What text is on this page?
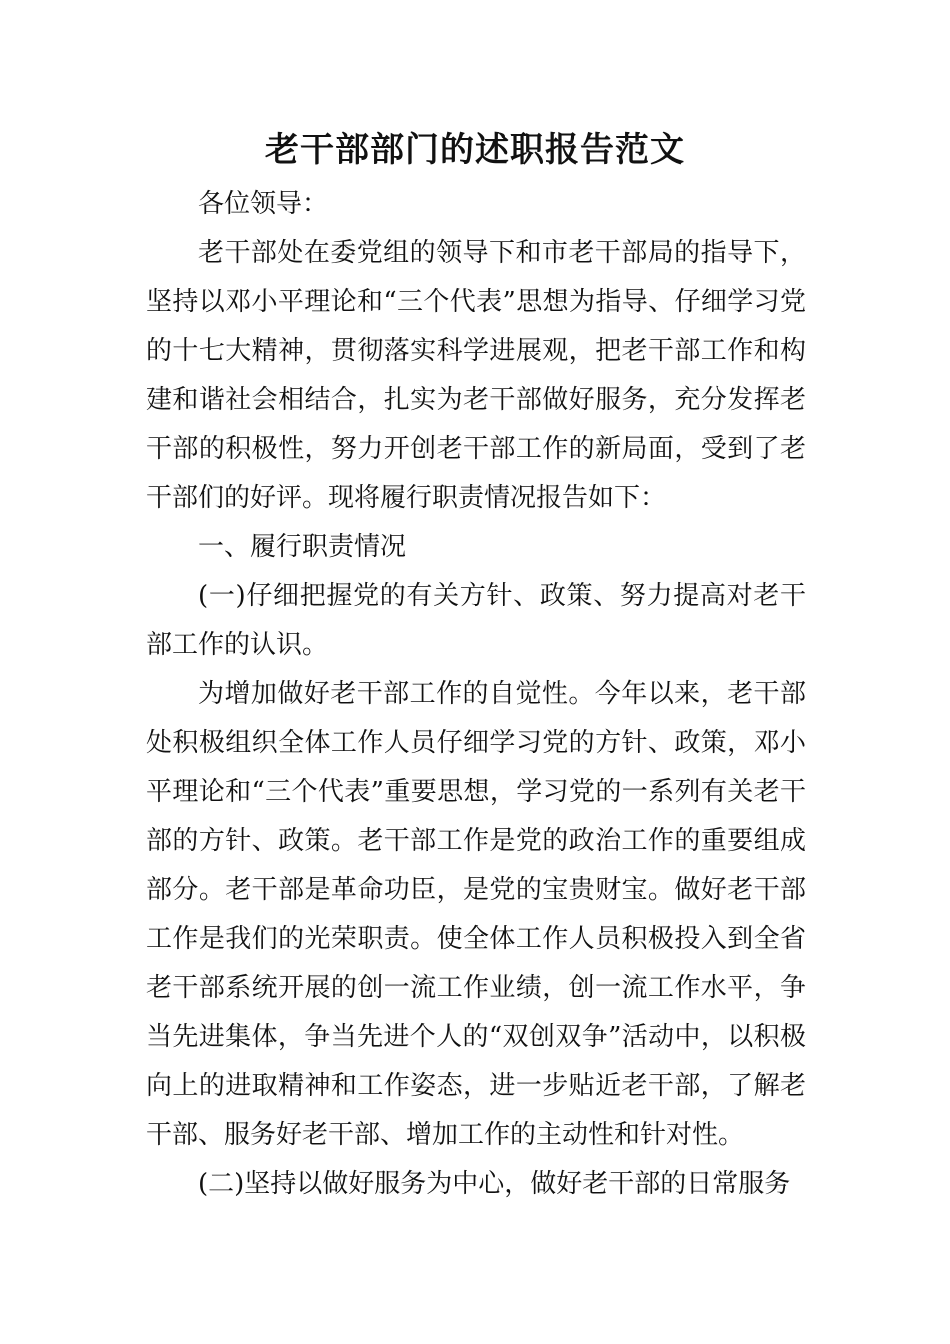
老干部部门的述职报告范文

各位领导：

老干部处在委党组的领导下和市老干部局的指导下，坚持以邓小平理论和“三个代表”思想为指导、仔细学习党的十七大精神，贯彻落实科学进展观，把老干部工作和构建和谐社会相结合，扎实为老干部做好服务，充分发挥老干部的积极性，努力开创老干部工作的新局面，受到了老干部们的好评。现将履行职责情况报告如下：

一、履行职责情况

(一)仔细把握党的有关方针、政策、努力提高对老干部工作的认识。

为增加做好老干部工作的自觉性。今年以来，老干部处积极组织全体工作人员仔细学习党的方针、政策，邓小平理论和“三个代表”重要思想，学习党的一系列有关老干部的方针、政策。老干部工作是党的政治工作的重要组成部分。老干部是革命功臣，是党的宝贵财宝。做好老干部工作是我们的光荣职责。使全体工作人员积极投入到全省老干部系统开展的创一流工作业绩，创一流工作水平，争当先进集体，争当先进个人的“双创双争”活动中，以积极向上的进取精神和工作姿态，进一步贴近老干部，了解老干部、服务好老干部、增加工作的主动性和针对性。

(二)坚持以做好服务为中心，做好老干部的日常服务
